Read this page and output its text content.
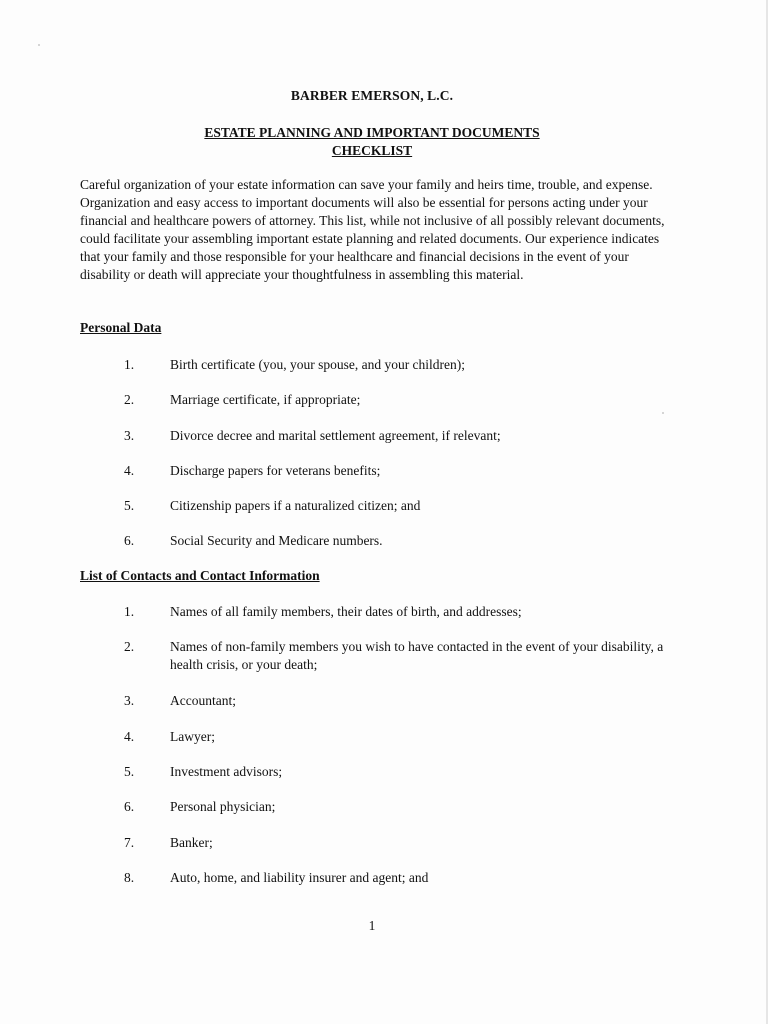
BARBER EMERSON, L.C.
ESTATE PLANNING AND IMPORTANT DOCUMENTS
CHECKLIST

Careful organization of your estate information can save your family and heirs time, trouble, and expense. Organization and easy access to important documents will also be essential for persons acting under your financial and healthcare powers of attorney. This list, while not inclusive of all possibly relevant documents, could facilitate your assembling important estate planning and related documents. Our experience indicates that your family and those responsible for your healthcare and financial decisions in the event of your disability or death will appreciate your thoughtfulness in assembling this material.

Personal Data

1.	Birth certificate (you, your spouse, and your children);
2.	Marriage certificate, if appropriate;
3.	Divorce decree and marital settlement agreement, if relevant;
4.	Discharge papers for veterans benefits;
5.	Citizenship papers if a naturalized citizen; and
6.	Social Security and Medicare numbers.

List of Contacts and Contact Information

1.	Names of all family members, their dates of birth, and addresses;
2.	Names of non-family members you wish to have contacted in the event of your disability, a health crisis, or your death;
3.	Accountant;
4.	Lawyer;
5.	Investment advisors;
6.	Personal physician;
7.	Banker;
8.	Auto, home, and liability insurer and agent; and
1
